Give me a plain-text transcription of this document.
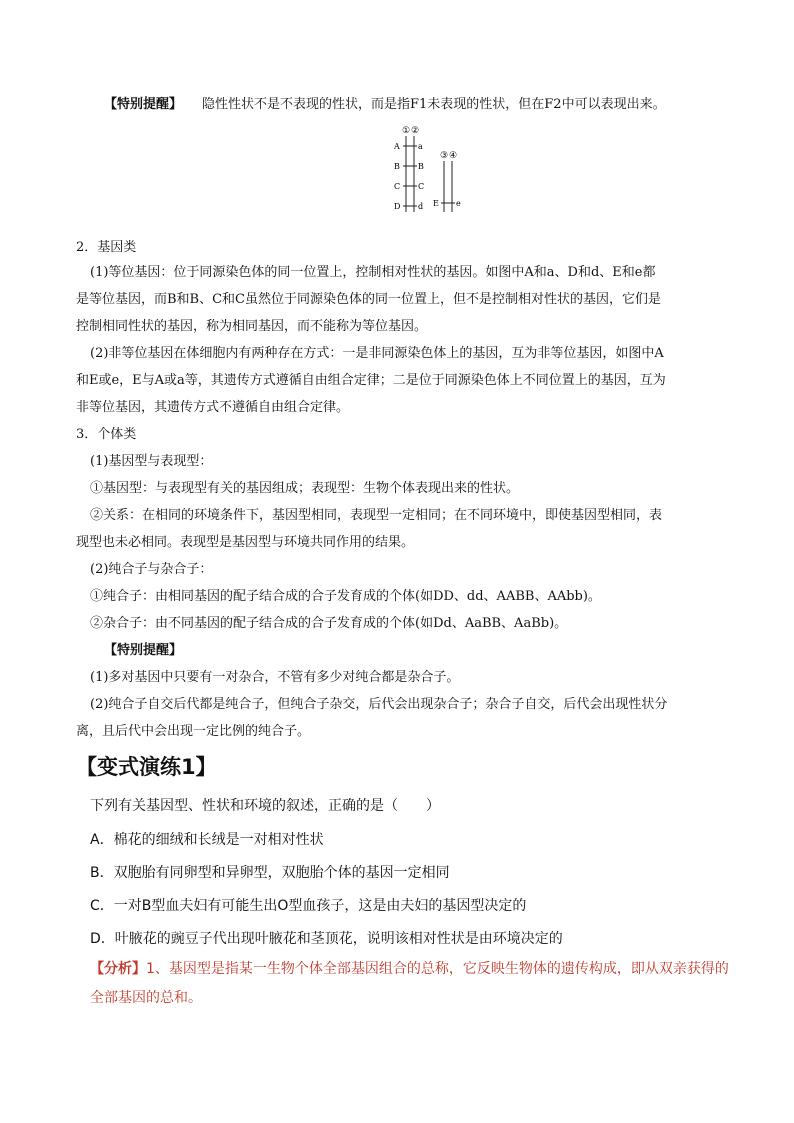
【特别提醒】 隐性性状不是不表现的性状，而是指F1未表现的性状，但在F2中可以表现出来。
① ②
A a
B B
C C
D d
③ ④
E e
2．基因类
(1)等位基因：位于同源染色体的同一位置上，控制相对性状的基因。如图中A和a、D和d、E和e都
是等位基因，而B和B、C和C虽然位于同源染色体的同一位置上，但不是控制相对性状的基因，它们是
控制相同性状的基因，称为相同基因，而不能称为等位基因。
(2)非等位基因在体细胞内有两种存在方式：一是非同源染色体上的基因，互为非等位基因，如图中A
和E或e，E与A或a等，其遗传方式遵循自由组合定律；二是位于同源染色体上不同位置上的基因，互为
非等位基因，其遗传方式不遵循自由组合定律。
3．个体类
(1)基因型与表现型：
①基因型：与表现型有关的基因组成；表现型：生物个体表现出来的性状。
②关系：在相同的环境条件下，基因型相同，表现型一定相同；在不同环境中，即使基因型相同，表
现型也未必相同。表现型是基因型与环境共同作用的结果。
(2)纯合子与杂合子：
①纯合子：由相同基因的配子结合成的合子发育成的个体(如DD、dd、AABB、AAbb)。
②杂合子：由不同基因的配子结合成的合子发育成的个体(如Dd、AaBB、AaBb)。
【特别提醒】
(1)多对基因中只要有一对杂合，不管有多少对纯合都是杂合子。
(2)纯合子自交后代都是纯合子，但纯合子杂交，后代会出现杂合子；杂合子自交，后代会出现性状分
离，且后代中会出现一定比例的纯合子。
【变式演练1】
下列有关基因型、性状和环境的叙述，正确的是（　　）
A．棉花的细绒和长绒是一对相对性状
B．双胞胎有同卵型和异卵型，双胞胎个体的基因一定相同
C．一对B型血夫妇有可能生出O型血孩子，这是由夫妇的基因型决定的
D．叶腋花的豌豆子代出现叶腋花和茎顶花，说明该相对性状是由环境决定的
【分析】1、基因型是指某一生物个体全部基因组合的总称，它反映生物体的遗传构成，即从双亲获得的
全部基因的总和。
